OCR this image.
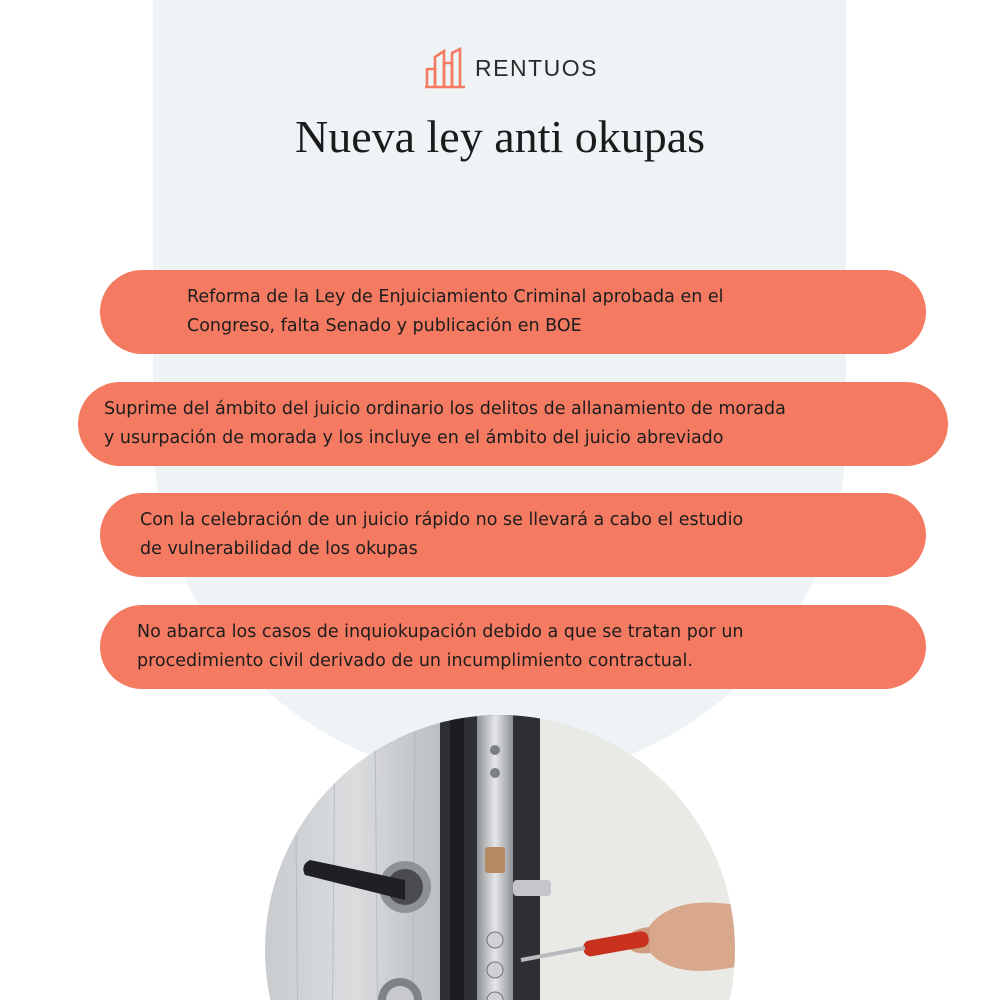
RENTUOS
Nueva ley anti okupas
Reforma de la Ley de Enjuiciamiento Criminal aprobada en el
Congreso, falta Senado y publicación en BOE
Suprime del ámbito del juicio ordinario los delitos de allanamiento de morada
y usurpación de morada y los incluye en el ámbito del juicio abreviado
Con la celebración de un juicio rápido no se llevará a cabo el estudio
de vulnerabilidad de los okupas
No abarca los casos de inquiokupación debido a que se tratan por un
procedimiento civil derivado de un incumplimiento contractual.
